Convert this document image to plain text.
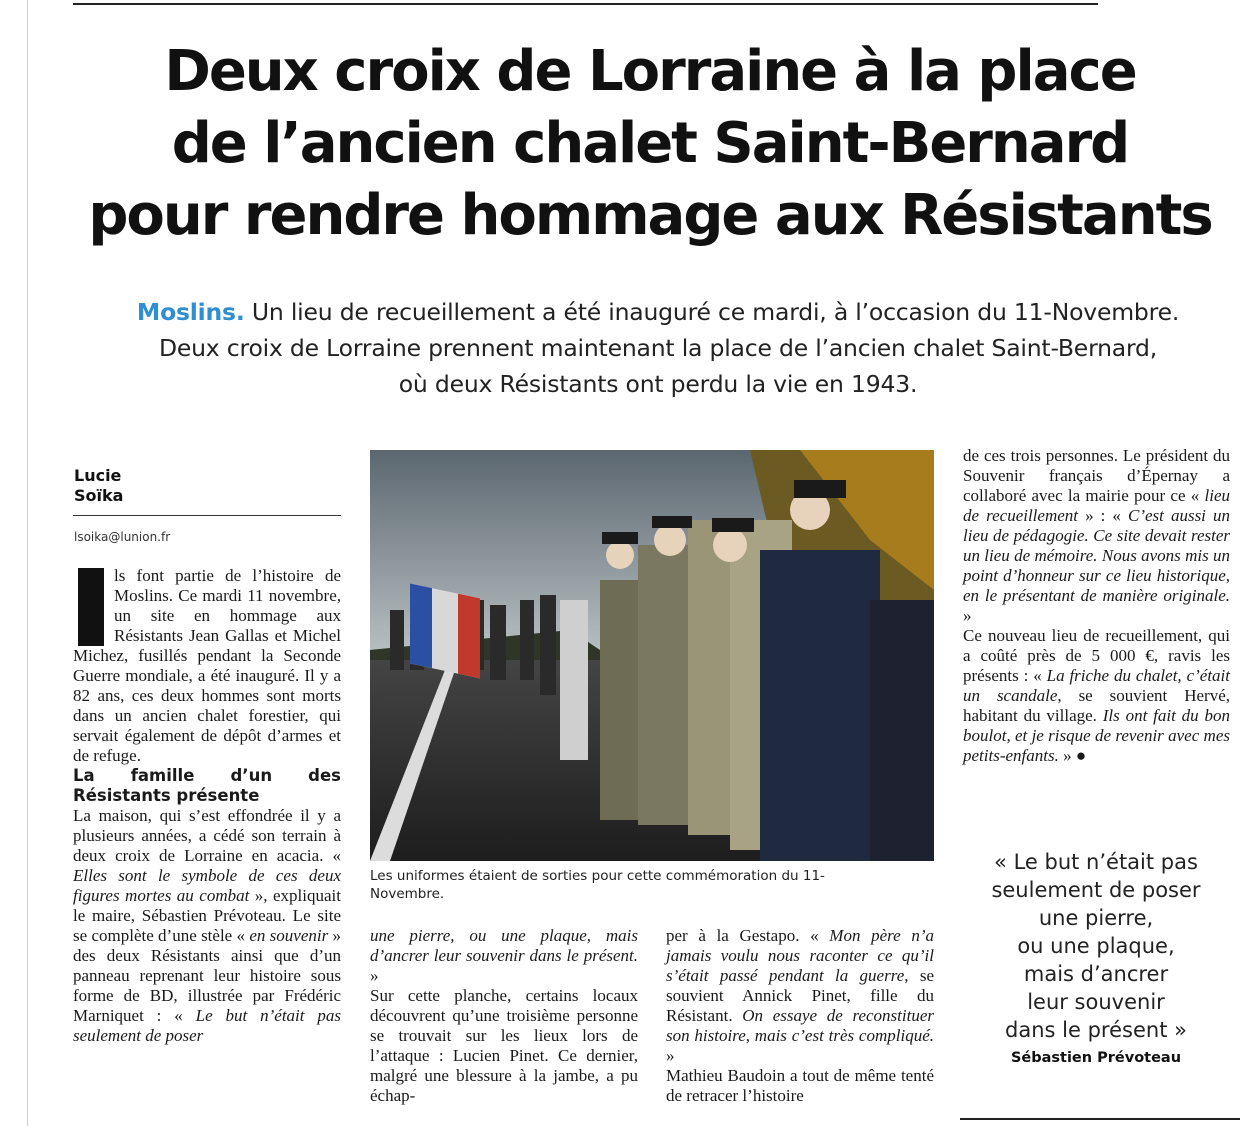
Deux croix de Lorraine à la place
de l’ancien chalet Saint-Bernard
pour rendre hommage aux Résistants
Moslins. Un lieu de recueillement a été inauguré ce mardi, à l’occasion du 11-Novembre.
Deux croix de Lorraine prennent maintenant la place de l’ancien chalet Saint-Bernard,
où deux Résistants ont perdu la vie en 1943.
Lucie
Soïka
lsoika@lunion.fr

ls font partie de l’histoire de Moslins. Ce mardi 11 novembre, un site en hommage aux Résistants Jean Gallas et Michel Michez, fusillés pendant la Seconde Guerre mondiale, a été inauguré. Il y a 82 ans, ces deux hommes sont morts dans un ancien chalet forestier, qui servait également de dépôt d’armes et de refuge.

La famille d’un des Résistants présente

La maison, qui s’est effondrée il y a plusieurs années, a cédé son terrain à deux croix de Lorraine en acacia. « Elles sont le symbole de ces deux figures mortes au combat », expliquait le maire, Sébastien Prévoteau. Le site se complète d’une stèle « en souvenir » des deux Résistants ainsi que d’un panneau reprenant leur histoire sous forme de BD, illustrée par Frédéric Marniquet : « Le but n’était pas seulement de poser

Les uniformes étaient de sorties pour cette commémoration du 11-Novembre.

une pierre, ou une plaque, mais d’ancrer leur souvenir dans le présent. »

Sur cette planche, certains locaux découvrent qu’une troisième personne se trouvait sur les lieux lors de l’attaque : Lucien Pinet. Ce dernier, malgré une blessure à la jambe, a pu échap-

per à la Gestapo. « Mon père n’a jamais voulu nous raconter ce qu’il s’était passé pendant la guerre, se souvient Annick Pinet, fille du Résistant. On essaye de reconstituer son histoire, mais c’est très compliqué. »

Mathieu Baudoin a tout de même tenté de retracer l’histoire

de ces trois personnes. Le président du Souvenir français d’Épernay a collaboré avec la mairie pour ce « lieu de recueillement » : « C’est aussi un lieu de pédagogie. Ce site devait rester un lieu de mémoire. Nous avons mis un point d’honneur sur ce lieu historique, en le présentant de manière originale. »

Ce nouveau lieu de recueillement, qui a coûté près de 5 000 €, ravis les présents : « La friche du chalet, c’était un scandale, se souvient Hervé, habitant du village. Ils ont fait du bon boulot, et je risque de revenir avec mes petits-enfants. » ●

« Le but n’était pas
seulement de poser
une pierre,
ou une plaque,
mais d’ancrer
leur souvenir
dans le présent »
Sébastien Prévoteau
